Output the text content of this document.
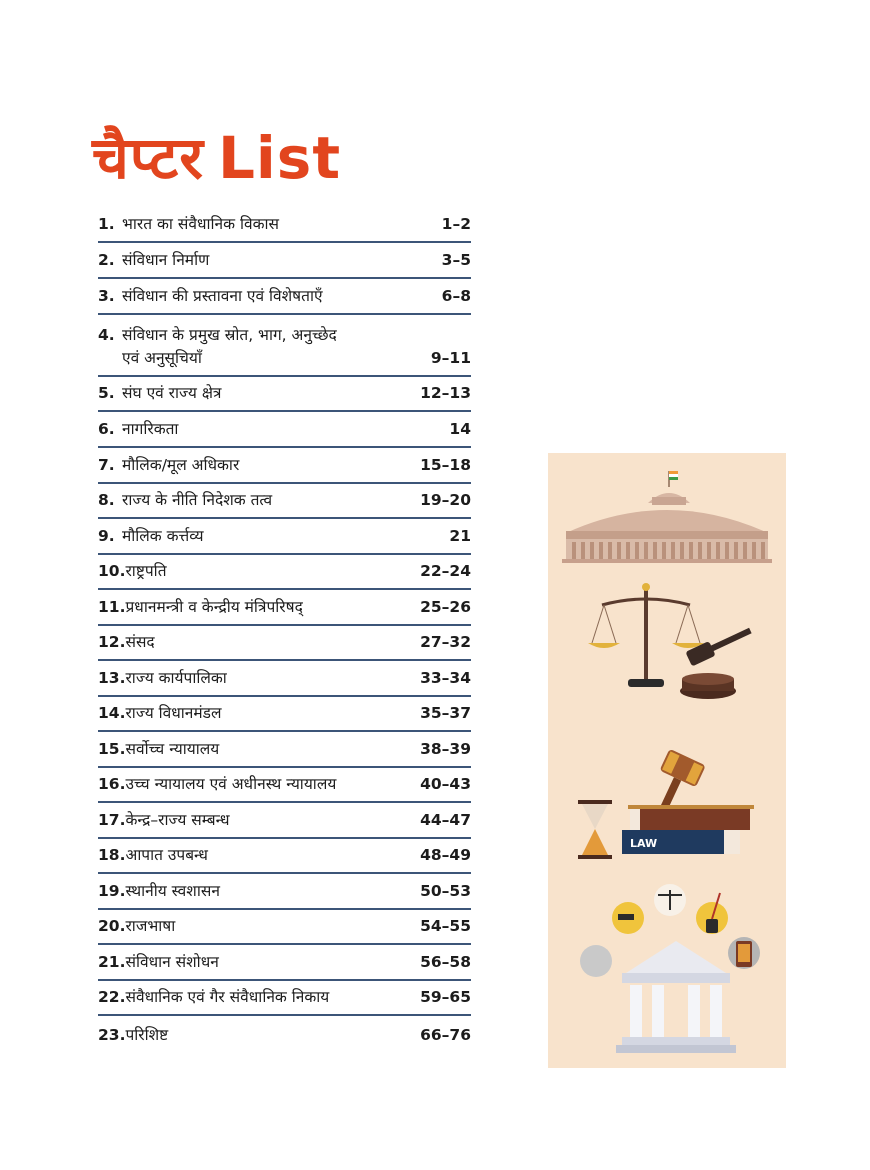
चैप्टर List
1. भारत का संवैधानिक विकास	1–2
2. संविधान निर्माण	3–5
3. संविधान की प्रस्तावना एवं विशेषताएँ	6–8
4. संविधान के प्रमुख स्रोत, भाग, अनुच्छेद
एवं अनुसूचियाँ	9–11
5. संघ एवं राज्य क्षेत्र	12–13
6. नागरिकता	14
7. मौलिक/मूल अधिकार	15–18
8. राज्य के नीति निदेशक तत्व	19–20
9. मौलिक कर्त्तव्य	21
10. राष्ट्रपति	22–24
11. प्रधानमन्त्री व केन्द्रीय मंत्रिपरिषद्	25–26
12. संसद	27–32
13. राज्य कार्यपालिका	33–34
14. राज्य विधानमंडल	35–37
15. सर्वोच्च न्यायालय	38–39
16. उच्च न्यायालय एवं अधीनस्थ न्यायालय	40–43
17. केन्द्र–राज्य सम्बन्ध	44–47
18. आपात उपबन्ध	48–49
19. स्थानीय स्वशासन	50–53
20. राजभाषा	54–55
21. संविधान संशोधन	56–58
22. संवैधानिक एवं गैर संवैधानिक निकाय	59–65
23. परिशिष्ट	66–76
LAW
